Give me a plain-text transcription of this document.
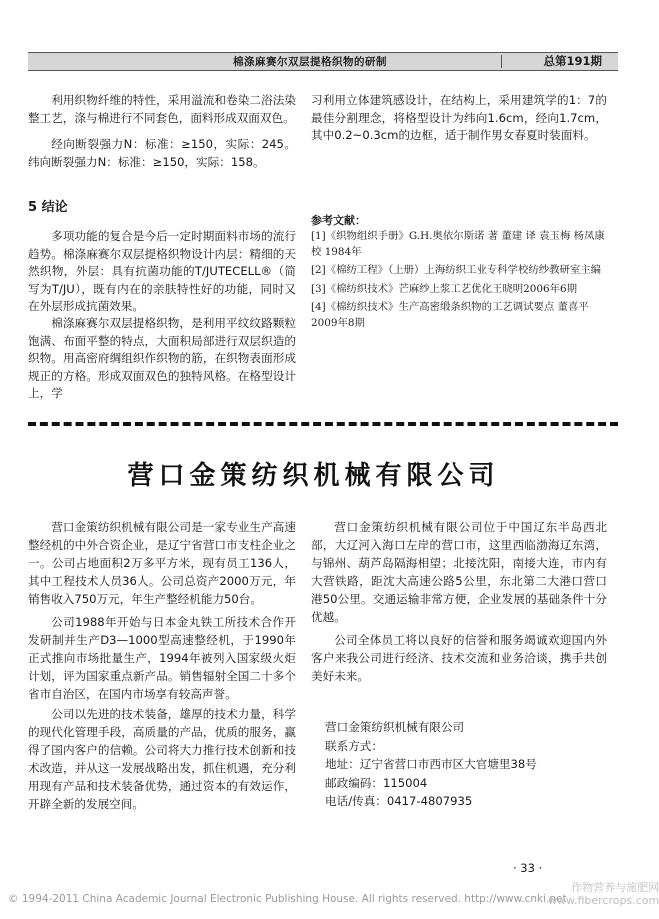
棉涤麻赛尔双层提格织物的研制	总第191期
利用织物纤维的特性，采用溢流和卷染二浴法染整工艺，涤与棉进行不同套色，面料形成双面双色。
经向断裂强力N：标准：≥150，实际：245。纬向断裂强力N：标准：≥150，实际：158。
5 结论
多项功能的复合是今后一定时期面料市场的流行趋势。棉涤麻赛尔双层提格织物设计内层：精细的天然织物，外层：具有抗菌功能的T/JUTECELL®（简写为T/JU），既有内在的亲肤特性好的功能，同时又在外层形成抗菌效果。
棉涤麻赛尔双层提格织物，是利用平纹纹路颗粒饱满、布面平整的特点，大面积局部进行双层织造的织物。用高密府绸组织作织物的筋，在织物表面形成规正的方格。形成双面双色的独特风格。在格型设计上，学
习利用立体建筑感设计，在结构上，采用建筑学的1：7的最佳分割理念，将格型设计为纬向1.6cm，经向1.7cm，其中0.2~0.3cm的边框，适于制作男女春夏时装面料。
参考文献：
[1]《织物组织手册》G.H.奥依尔斯诺 著 董建 译 袁玉梅 杨凤康 校 1984年
[2]《棉纺工程》（上册）上海纺织工业专科学校纺纱教研室主编
[3]《棉纺织技术》芒麻纱上浆工艺优化王晓明2006年6期
[4]《棉纺织技术》生产高密缎条织物的工艺调试要点 董喜平 2009年8期
营口金策纺织机械有限公司
营口金策纺织机械有限公司是一家专业生产高速整经机的中外合资企业，是辽宁省营口市支柱企业之一。公司占地面积2万多平方米，现有员工136人，其中工程技术人员36人。公司总资产2000万元，年销售收入750万元，年生产整经机能力50台。
公司1988年开始与日本金丸铁工所技术合作开发研制并生产D3—1000型高速整经机，于1990年正式推向市场批量生产，1994年被列入国家级火炬计划，评为国家重点新产品。销售辐射全国二十多个省市自治区，在国内市场享有较高声誉。
公司以先进的技术装备，雄厚的技术力量，科学的现代化管理手段，高质量的产品，优质的服务，赢得了国内客户的信赖。公司将大力推行技术创新和技术改造，并从这一发展战略出发，抓住机遇，充分利用现有产品和技术装备优势，通过资本的有效运作，开辟全新的发展空间。
营口金策纺织机械有限公司位于中国辽东半岛西北部，大辽河入海口左岸的营口市，这里西临渤海辽东湾，与锦州、葫芦岛隔海相望；北接沈阳，南接大连，市内有大营铁路，距沈大高速公路5公里，东北第二大港口营口港50公里。交通运输非常方便，企业发展的基础条件十分优越。
公司全体员工将以良好的信誉和服务竭诚欢迎国内外客户来我公司进行经济、技术交流和业务洽谈，携手共创美好未来。
营口金策纺织机械有限公司
联系方式：
地址：辽宁省营口市西市区大官塘里38号
邮政编码：115004
电话/传真：0417-4807935
· 33 ·
© 1994-2011 China Academic Journal Electronic Publishing House. All rights reserved. http://www.cnki.net
作物营养与施肥网
www.fibercrops.com
